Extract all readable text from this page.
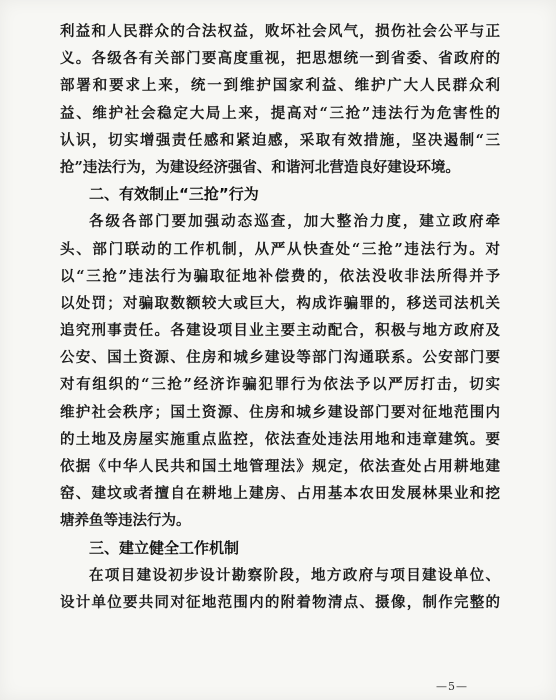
利益和人民群众的合法权益，败坏社会风气，损伤社会公平与正

义。各级各有关部门要高度重视，把思想统一到省委、省政府的

部署和要求上来，统一到维护国家利益、维护广大人民群众利

益、维护社会稳定大局上来，提高对“三抢”违法行为危害性的

认识，切实增强责任感和紧迫感，采取有效措施，坚决遏制“三

抢”违法行为，为建设经济强省、和谐河北营造良好建设环境。

二、有效制止“三抢”行为

各级各部门要加强动态巡查，加大整治力度，建立政府牵

头、部门联动的工作机制，从严从快查处“三抢”违法行为。对

以“三抢”违法行为骗取征地补偿费的，依法没收非法所得并予

以处罚；对骗取数额较大或巨大，构成诈骗罪的，移送司法机关

追究刑事责任。各建设项目业主要主动配合，积极与地方政府及

公安、国土资源、住房和城乡建设等部门沟通联系。公安部门要

对有组织的“三抢”经济诈骗犯罪行为依法予以严厉打击，切实

维护社会秩序；国土资源、住房和城乡建设部门要对征地范围内

的土地及房屋实施重点监控，依法查处违法用地和违章建筑。要

依据《中华人民共和国土地管理法》规定，依法查处占用耕地建

窑、建坟或者擅自在耕地上建房、占用基本农田发展林果业和挖

塘养鱼等违法行为。

三、建立健全工作机制

在项目建设初步设计勘察阶段，地方政府与项目建设单位、

设计单位要共同对征地范围内的附着物清点、摄像，制作完整的

—5—
